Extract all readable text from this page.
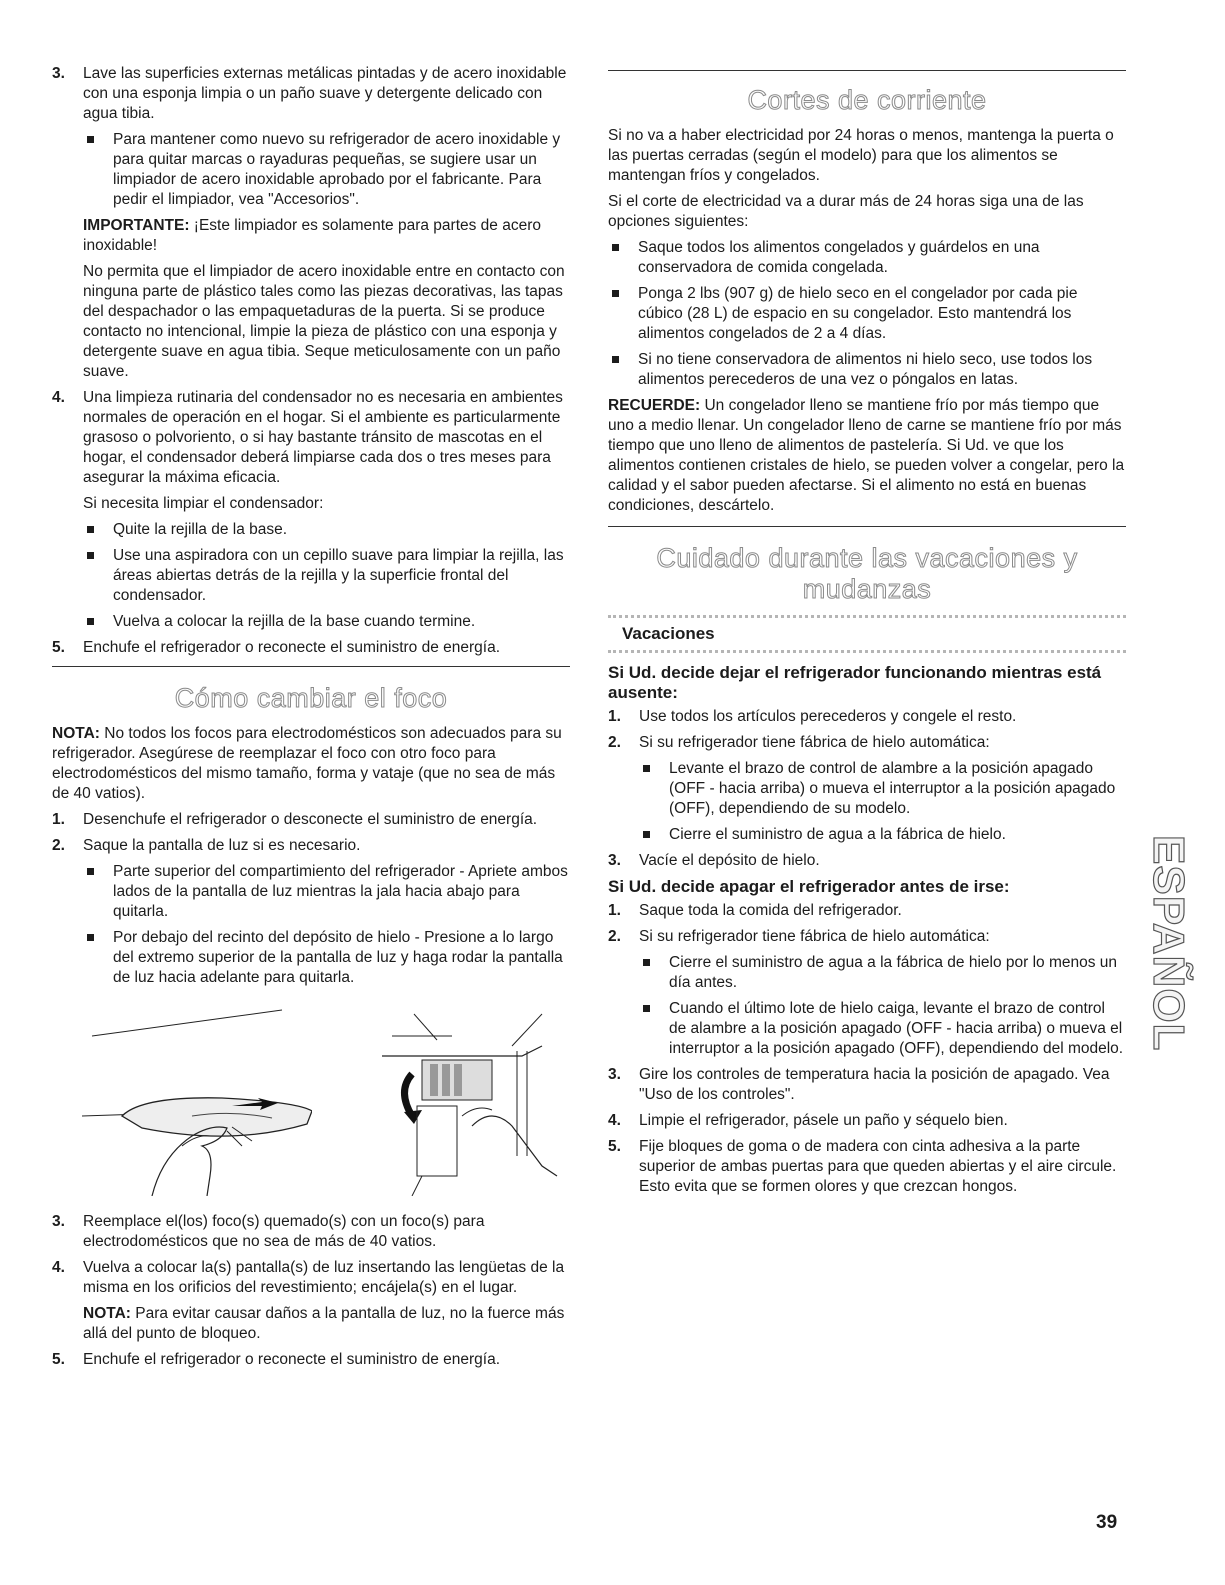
3. Lave las superficies externas metálicas pintadas y de acero inoxidable con una esponja limpia o un paño suave y detergente delicado con agua tibia.

Para mantener como nuevo su refrigerador de acero inoxidable y para quitar marcas o rayaduras pequeñas, se sugiere usar un limpiador de acero inoxidable aprobado por el fabricante. Para pedir el limpiador, vea "Accesorios".

IMPORTANTE: ¡Este limpiador es solamente para partes de acero inoxidable!

No permita que el limpiador de acero inoxidable entre en contacto con ninguna parte de plástico tales como las piezas decorativas, las tapas del despachador o las empaquetaduras de la puerta. Si se produce contacto no intencional, limpie la pieza de plástico con una esponja y detergente suave en agua tibia. Seque meticulosamente con un paño suave.

4. Una limpieza rutinaria del condensador no es necesaria en ambientes normales de operación en el hogar. Si el ambiente es particularmente grasoso o polvoriento, o si hay bastante tránsito de mascotas en el hogar, el condensador deberá limpiarse cada dos o tres meses para asegurar la máxima eficacia.

Si necesita limpiar el condensador:

Quite la rejilla de la base.

Use una aspiradora con un cepillo suave para limpiar la rejilla, las áreas abiertas detrás de la rejilla y la superficie frontal del condensador.

Vuelva a colocar la rejilla de la base cuando termine.

5. Enchufe el refrigerador o reconecte el suministro de energía.

Cómo cambiar el foco

NOTA: No todos los focos para electrodomésticos son adecuados para su refrigerador. Asegúrese de reemplazar el foco con otro foco para electrodomésticos del mismo tamaño, forma y vataje (que no sea de más de 40 vatios).

1. Desenchufe el refrigerador o desconecte el suministro de energía.

2. Saque la pantalla de luz si es necesario.

Parte superior del compartimiento del refrigerador - Apriete ambos lados de la pantalla de luz mientras la jala hacia abajo para quitarla.

Por debajo del recinto del depósito de hielo - Presione a lo largo del extremo superior de la pantalla de luz y haga rodar la pantalla de luz hacia adelante para quitarla.

3. Reemplace el(los) foco(s) quemado(s) con un foco(s) para electrodomésticos que no sea de más de 40 vatios.

4. Vuelva a colocar la(s) pantalla(s) de luz insertando las lengüetas de la misma en los orificios del revestimiento; encájela(s) en el lugar.

NOTA: Para evitar causar daños a la pantalla de luz, no la fuerce más allá del punto de bloqueo.

5. Enchufe el refrigerador o reconecte el suministro de energía.

Cortes de corriente

Si no va a haber electricidad por 24 horas o menos, mantenga la puerta o las puertas cerradas (según el modelo) para que los alimentos se mantengan fríos y congelados.

Si el corte de electricidad va a durar más de 24 horas siga una de las opciones siguientes:

Saque todos los alimentos congelados y guárdelos en una conservadora de comida congelada.

Ponga 2 lbs (907 g) de hielo seco en el congelador por cada pie cúbico (28 L) de espacio en su congelador. Esto mantendrá los alimentos congelados de 2 a 4 días.

Si no tiene conservadora de alimentos ni hielo seco, use todos los alimentos perecederos de una vez o póngalos en latas.

RECUERDE: Un congelador lleno se mantiene frío por más tiempo que uno a medio llenar. Un congelador lleno de carne se mantiene frío por más tiempo que uno lleno de alimentos de pastelería. Si Ud. ve que los alimentos contienen cristales de hielo, se pueden volver a congelar, pero la calidad y el sabor pueden afectarse. Si el alimento no está en buenas condiciones, descártelo.

Cuidado durante las vacaciones y
mudanzas
Vacaciones
Si Ud. decide dejar el refrigerador funcionando mientras está ausente:
1. Use todos los artículos perecederos y congele el resto.

2. Si su refrigerador tiene fábrica de hielo automática:

Levante el brazo de control de alambre a la posición apagado (OFF - hacia arriba) o mueva el interruptor a la posición apagado (OFF), dependiendo de su modelo.

Cierre el suministro de agua a la fábrica de hielo.

3. Vacíe el depósito de hielo.

Si Ud. decide apagar el refrigerador antes de irse:
1. Saque toda la comida del refrigerador.

2. Si su refrigerador tiene fábrica de hielo automática:

Cierre el suministro de agua a la fábrica de hielo por lo menos un día antes.

Cuando el último lote de hielo caiga, levante el brazo de control de alambre a la posición apagado (OFF - hacia arriba) o mueva el interruptor a la posición apagado (OFF), dependiendo del modelo.

3. Gire los controles de temperatura hacia la posición de apagado. Vea "Uso de los controles".

4. Limpie el refrigerador, pásele un paño y séquelo bien.

5. Fije bloques de goma o de madera con cinta adhesiva a la parte superior de ambas puertas para que queden abiertas y el aire circule. Esto evita que se formen olores y que crezcan hongos.

ESPAÑOL
39
